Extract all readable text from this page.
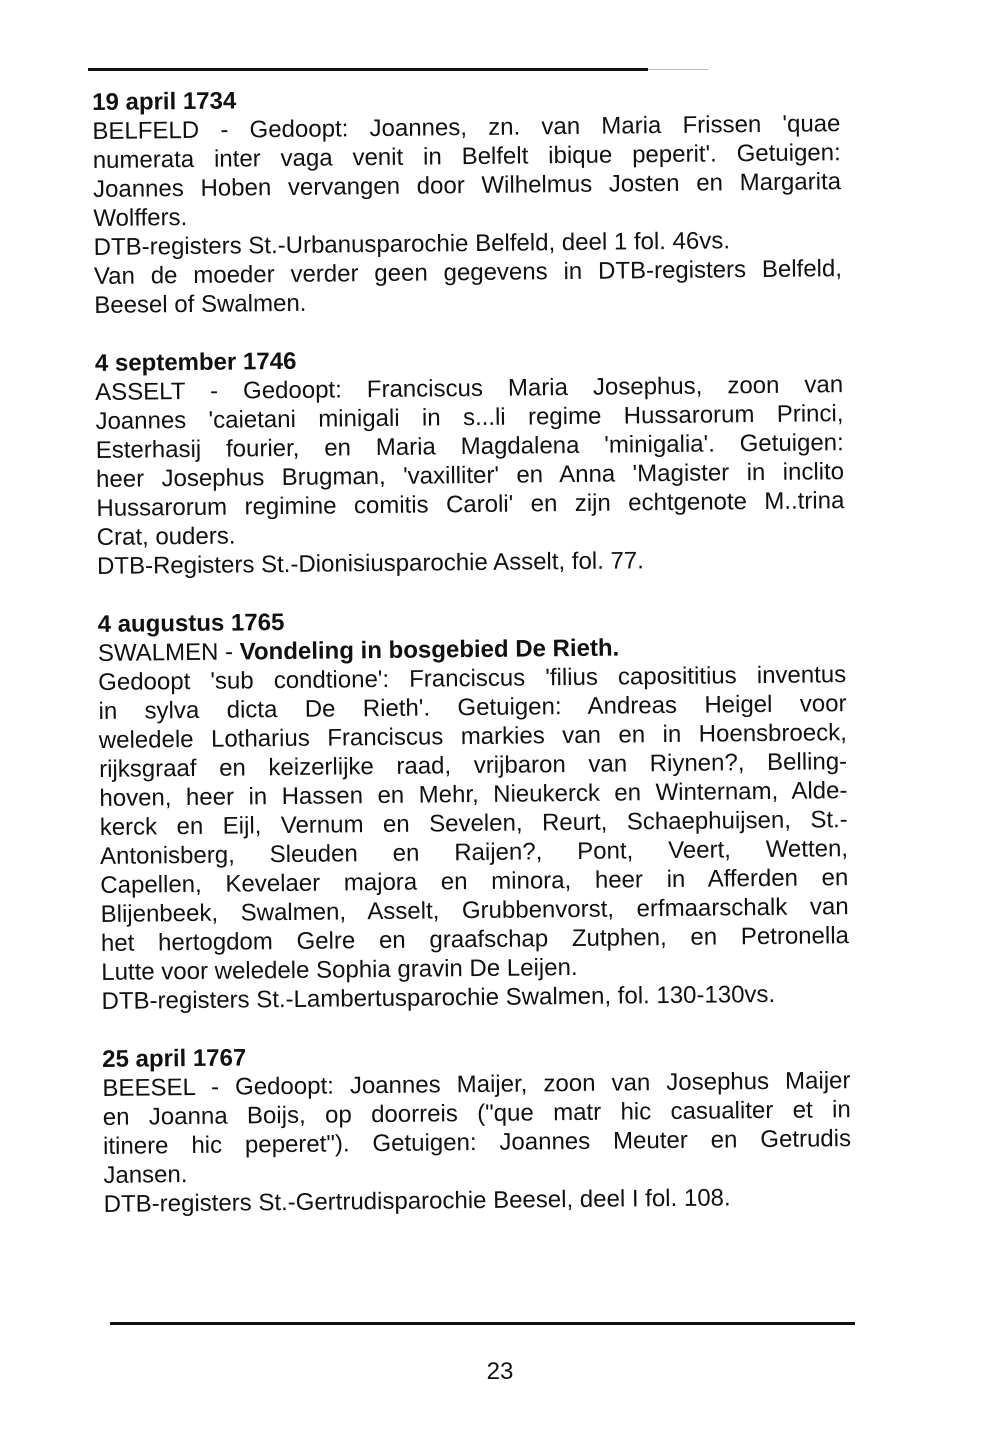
19 april 1734
BELFELD - Gedoopt: Joannes, zn. van Maria Frissen 'quae
numerata inter vaga venit in Belfelt ibique peperit'. Getuigen:
Joannes Hoben vervangen door Wilhelmus Josten en Margarita
Wolffers.
DTB-registers St.-Urbanusparochie Belfeld, deel 1 fol. 46vs.
Van de moeder verder geen gegevens in DTB-registers Belfeld,
Beesel of Swalmen.
4 september 1746
ASSELT - Gedoopt: Franciscus Maria Josephus, zoon van
Joannes 'caietani minigali in s...li regime Hussarorum Princi,
Esterhasij fourier, en Maria Magdalena 'minigalia'. Getuigen:
heer Josephus Brugman, 'vaxilliter' en Anna 'Magister in inclito
Hussarorum regimine comitis Caroli' en zijn echtgenote M..trina
Crat, ouders.
DTB-Registers St.-Dionisiusparochie Asselt, fol. 77.
4 augustus 1765
SWALMEN - Vondeling in bosgebied De Rieth.
Gedoopt 'sub condtione': Franciscus 'filius caposititius inventus
in sylva dicta De Rieth'. Getuigen: Andreas Heigel voor
weledele Lotharius Franciscus markies van en in Hoensbroeck,
rijksgraaf en keizerlijke raad, vrijbaron van Riynen?, Belling-
hoven, heer in Hassen en Mehr, Nieukerck en Winternam, Alde-
kerck en Eijl, Vernum en Sevelen, Reurt, Schaephuijsen, St.-
Antonisberg, Sleuden en Raijen?, Pont, Veert, Wetten,
Capellen, Kevelaer majora en minora, heer in Afferden en
Blijenbeek, Swalmen, Asselt, Grubbenvorst, erfmaarschalk van
het hertogdom Gelre en graafschap Zutphen, en Petronella
Lutte voor weledele Sophia gravin De Leijen.
DTB-registers St.-Lambertusparochie Swalmen, fol. 130-130vs.
25 april 1767
BEESEL - Gedoopt: Joannes Maijer, zoon van Josephus Maijer
en Joanna Boijs, op doorreis ("que matr hic casualiter et in
itinere hic peperet"). Getuigen: Joannes Meuter en Getrudis
Jansen.
DTB-registers St.-Gertrudisparochie Beesel, deel I fol. 108.
23
